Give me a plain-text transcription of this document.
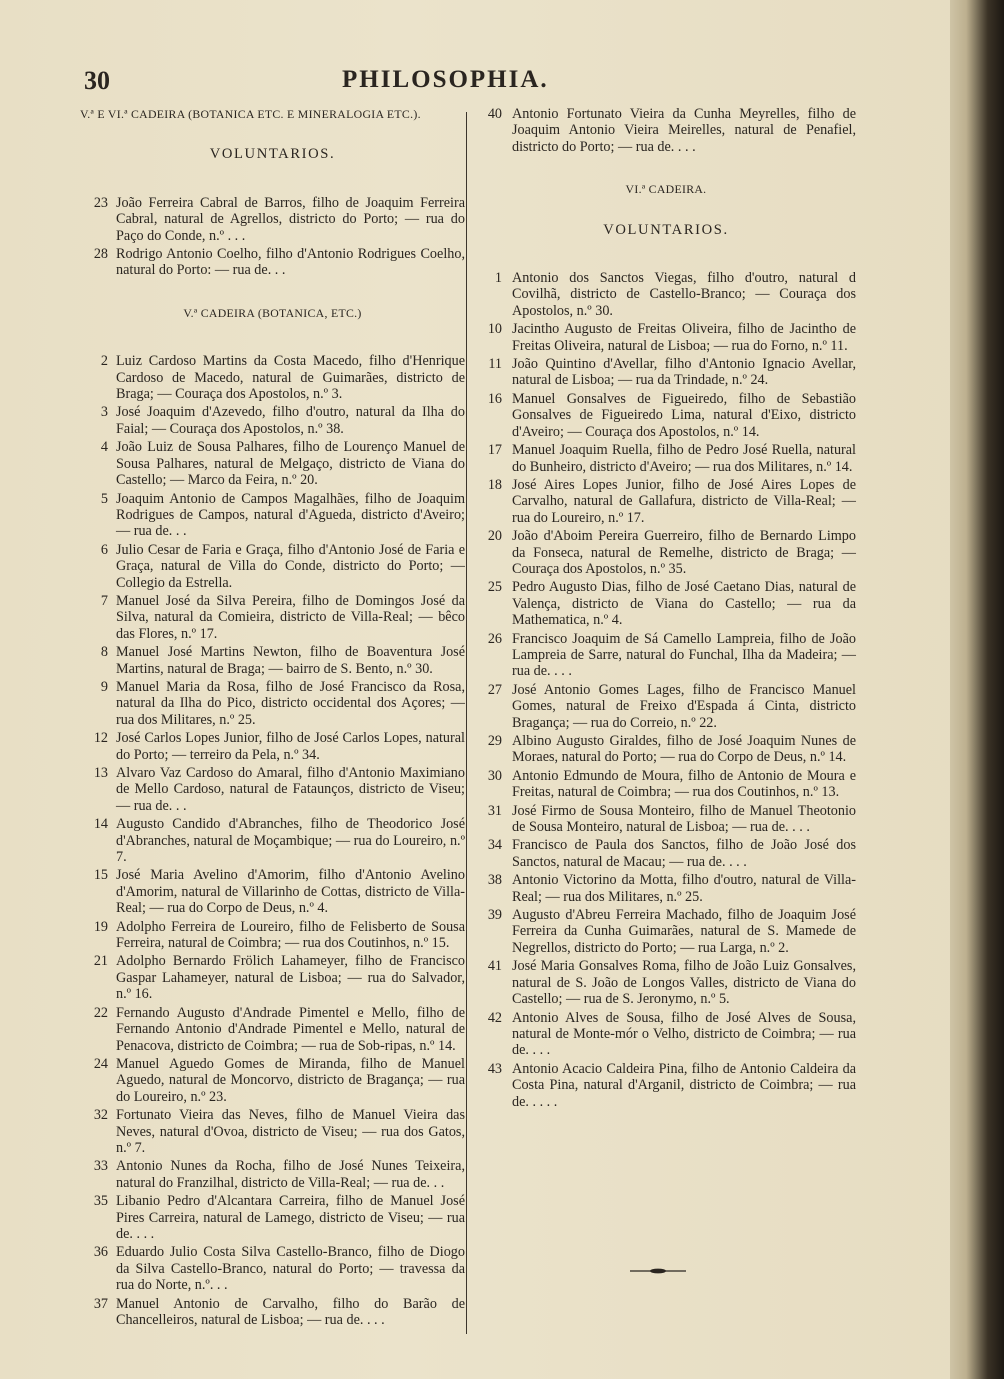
30	PHILOSOPHIA.

V.ª E VI.ª CADEIRA (BOTANICA ETC. E MINERALOGIA ETC.).

VOLUNTARIOS.

23 João Ferreira Cabral de Barros, filho de Joaquim Ferreira Cabral, natural de Agrellos, districto do Porto; — rua do Paço do Conde, n.º . . .

28 Rodrigo Antonio Coelho, filho d'Antonio Rodrigues Coelho, natural do Porto: — rua de. . .

V.ª CADEIRA (BOTANICA, ETC.)

2 Luiz Cardoso Martins da Costa Macedo, filho d'Henrique Cardoso de Macedo, natural de Guimarães, districto de Braga; — Couraça dos Apostolos, n.º 3.

3 José Joaquim d'Azevedo, filho d'outro, natural da Ilha do Faial; — Couraça dos Apostolos, n.º 38.

4 João Luiz de Sousa Palhares, filho de Lourenço Manuel de Sousa Palhares, natural de Melgaço, districto de Viana do Castello; — Marco da Feira, n.º 20.

5 Joaquim Antonio de Campos Magalhães, filho de Joaquim Rodrigues de Campos, natural d'Agueda, districto d'Aveiro; — rua de. . .

6 Julio Cesar de Faria e Graça, filho d'Antonio José de Faria e Graça, natural de Villa do Conde, districto do Porto; — Collegio da Estrella.

7 Manuel José da Silva Pereira, filho de Domingos José da Silva, natural da Comieira, districto de Villa-Real; — bêco das Flores, n.º 17.

8 Manuel José Martins Newton, filho de Boaventura José Martins, natural de Braga; — bairro de S. Bento, n.º 30.

9 Manuel Maria da Rosa, filho de José Francisco da Rosa, natural da Ilha do Pico, districto occidental dos Açores; — rua dos Militares, n.º 25.

12 José Carlos Lopes Junior, filho de José Carlos Lopes, natural do Porto; — terreiro da Pela, n.º 34.

13 Alvaro Vaz Cardoso do Amaral, filho d'Antonio Maximiano de Mello Cardoso, natural de Fataunços, districto de Viseu; — rua de. . .

14 Augusto Candido d'Abranches, filho de Theodorico José d'Abranches, natural de Moçambique; — rua do Loureiro, n.º 7.

15 José Maria Avelino d'Amorim, filho d'Antonio Avelino d'Amorim, natural de Villarinho de Cottas, districto de Villa-Real; — rua do Corpo de Deus, n.º 4.

19 Adolpho Ferreira de Loureiro, filho de Felisberto de Sousa Ferreira, natural de Coimbra; — rua dos Coutinhos, n.º 15.

21 Adolpho Bernardo Frölich Lahameyer, filho de Francisco Gaspar Lahameyer, natural de Lisboa; — rua do Salvador, n.º 16.

22 Fernando Augusto d'Andrade Pimentel e Mello, filho de Fernando Antonio d'Andrade Pimentel e Mello, natural de Penacova, districto de Coimbra; — rua de Sob-ripas, n.º 14.

24 Manuel Aguedo Gomes de Miranda, filho de Manuel Aguedo, natural de Moncorvo, districto de Bragança; — rua do Loureiro, n.º 23.

32 Fortunato Vieira das Neves, filho de Manuel Vieira das Neves, natural d'Ovoa, districto de Viseu; — rua dos Gatos, n.º 7.

33 Antonio Nunes da Rocha, filho de José Nunes Teixeira, natural do Franzilhal, districto de Villa-Real; — rua de. . .

35 Libanio Pedro d'Alcantara Carreira, filho de Manuel José Pires Carreira, natural de Lamego, districto de Viseu; — rua de. . . .

36 Eduardo Julio Costa Silva Castello-Branco, filho de Diogo da Silva Castello-Branco, natural do Porto; — travessa da rua do Norte, n.º. . .

37 Manuel Antonio de Carvalho, filho do Barão de Chancelleiros, natural de Lisboa; — rua de. . . .

40 Antonio Fortunato Vieira da Cunha Meyrelles, filho de Joaquim Antonio Vieira Meirelles, natural de Penafiel, districto do Porto; — rua de. . . .

VI.ª CADEIRA.

VOLUNTARIOS.

1 Antonio dos Sanctos Viegas, filho d'outro, natural d Covilhã, districto de Castello-Branco; — Couraça dos Apostolos, n.º 30.

10 Jacintho Augusto de Freitas Oliveira, filho de Jacintho de Freitas Oliveira, natural de Lisboa; — rua do Forno, n.º 11.

11 João Quintino d'Avellar, filho d'Antonio Ignacio Avellar, natural de Lisboa; — rua da Trindade, n.º 24.

16 Manuel Gonsalves de Figueiredo, filho de Sebastião Gonsalves de Figueiredo Lima, natural d'Eixo, districto d'Aveiro; — Couraça dos Apostolos, n.º 14.

17 Manuel Joaquim Ruella, filho de Pedro José Ruella, natural do Bunheiro, districto d'Aveiro; — rua dos Militares, n.º 14.

18 José Aires Lopes Junior, filho de José Aires Lopes de Carvalho, natural de Gallafura, districto de Villa-Real; — rua do Loureiro, n.º 17.

20 João d'Aboim Pereira Guerreiro, filho de Bernardo Limpo da Fonseca, natural de Remelhe, districto de Braga; — Couraça dos Apostolos, n.º 35.

25 Pedro Augusto Dias, filho de José Caetano Dias, natural de Valença, districto de Viana do Castello; — rua da Mathematica, n.º 4.

26 Francisco Joaquim de Sá Camello Lampreia, filho de João Lampreia de Sarre, natural do Funchal, Ilha da Madeira; — rua de. . . .

27 José Antonio Gomes Lages, filho de Francisco Manuel Gomes, natural de Freixo d'Espada á Cinta, districto Bragança; — rua do Correio, n.º 22.

29 Albino Augusto Giraldes, filho de José Joaquim Nunes de Moraes, natural do Porto; — rua do Corpo de Deus, n.º 14.

30 Antonio Edmundo de Moura, filho de Antonio de Moura e Freitas, natural de Coimbra; — rua dos Coutinhos, n.º 13.

31 José Firmo de Sousa Monteiro, filho de Manuel Theotonio de Sousa Monteiro, natural de Lisboa; — rua de. . . .

34 Francisco de Paula dos Sanctos, filho de João José dos Sanctos, natural de Macau; — rua de. . . .

38 Antonio Victorino da Motta, filho d'outro, natural de Villa-Real; — rua dos Militares, n.º 25.

39 Augusto d'Abreu Ferreira Machado, filho de Joaquim José Ferreira da Cunha Guimarães, natural de S. Mamede de Negrellos, districto do Porto; — rua Larga, n.º 2.

41 José Maria Gonsalves Roma, filho de João Luiz Gonsalves, natural de S. João de Longos Valles, districto de Viana do Castello; — rua de S. Jeronymo, n.º 5.

42 Antonio Alves de Sousa, filho de José Alves de Sousa, natural de Monte-mór o Velho, districto de Coimbra; — rua de. . . .

43 Antonio Acacio Caldeira Pina, filho de Antonio Caldeira da Costa Pina, natural d'Arganil, districto de Coimbra; — rua de. . . . .
